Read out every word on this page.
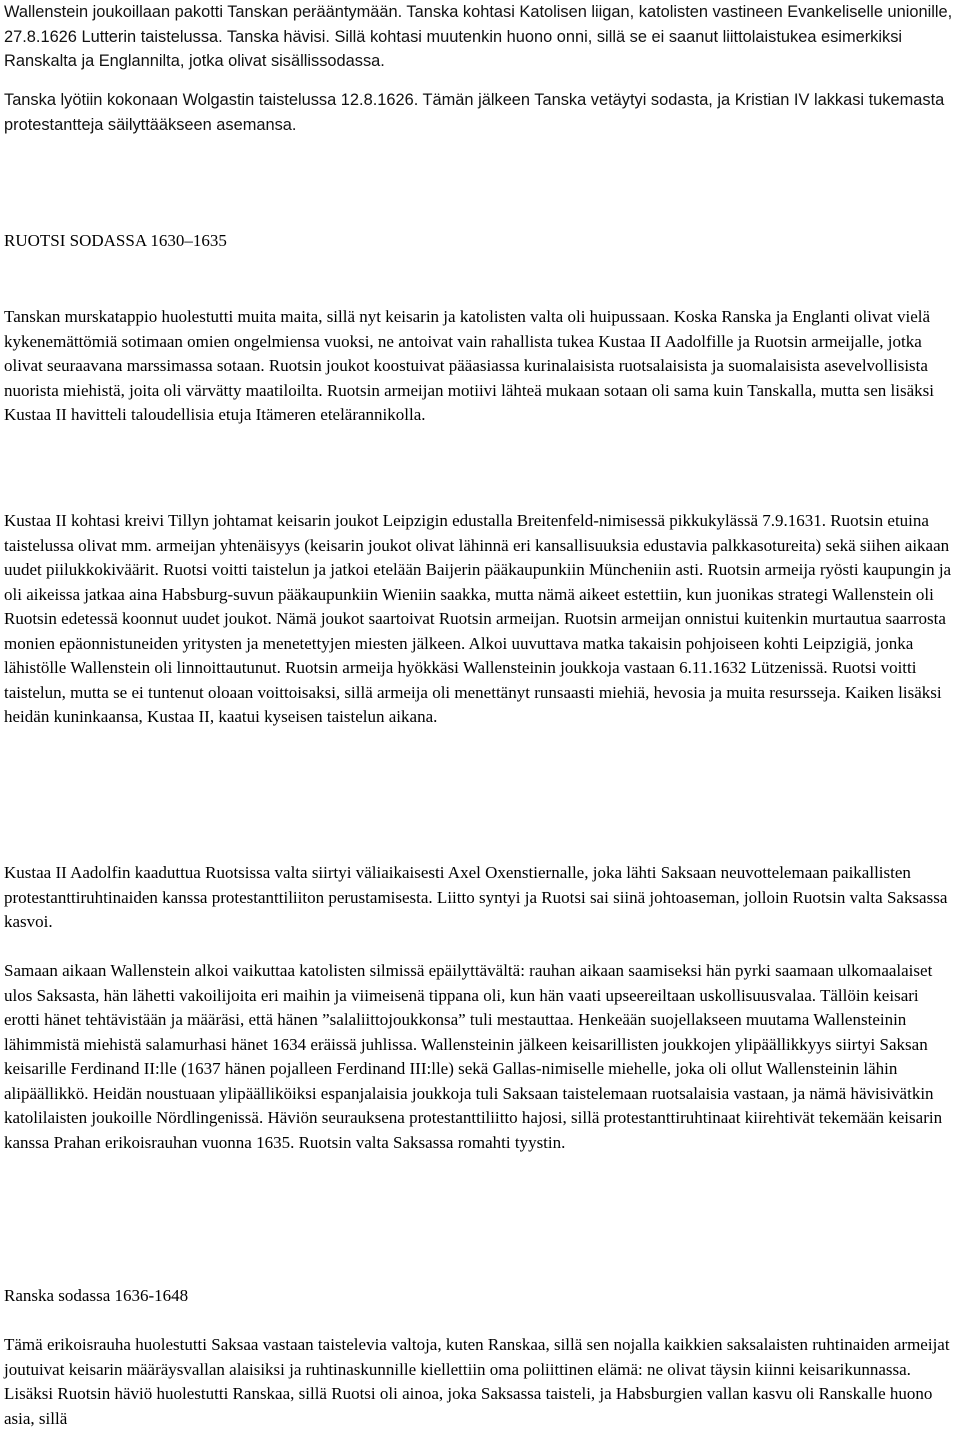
Wallenstein joukoillaan pakotti Tanskan perääntymään. Tanska kohtasi Katolisen liigan, katolisten vastineen Evankeliselle unionille, 27.8.1626 Lutterin taistelussa. Tanska hävisi. Sillä kohtasi muutenkin huono onni, sillä se ei saanut liittolaistukea esimerkiksi Ranskalta ja Englannilta, jotka olivat sisällissodassa.

Tanska lyötiin kokonaan Wolgastin taistelussa 12.8.1626. Tämän jälkeen Tanska vetäytyi sodasta, ja Kristian IV lakkasi tukemasta protestantteja säilyttääkseen asemansa.

RUOTSI SODASSA 1630–1635

Tanskan murskatappio huolestutti muita maita, sillä nyt keisarin ja katolisten valta oli huipussaan. Koska Ranska ja Englanti olivat vielä kykenemättömiä sotimaan omien ongelmiensa vuoksi, ne antoivat vain rahallista tukea Kustaa II Aadolfille ja Ruotsin armeijalle, jotka olivat seuraavana marssimassa sotaan. Ruotsin joukot koostuivat pääasiassa kurinalaisista ruotsalaisista ja suomalaisista asevelvollisista nuorista miehistä, joita oli värvätty maatiloilta. Ruotsin armeijan motiivi lähteä mukaan sotaan oli sama kuin Tanskalla, mutta sen lisäksi Kustaa II havitteli taloudellisia etuja Itämeren etelärannikolla.

Kustaa II kohtasi kreivi Tillyn johtamat keisarin joukot Leipzigin edustalla Breitenfeld-nimisessä pikkukylässä 7.9.1631. Ruotsin etuina taistelussa olivat mm. armeijan yhtenäisyys (keisarin joukot olivat lähinnä eri kansallisuuksia edustavia palkkasotureita) sekä siihen aikaan uudet piilukkokiväärit. Ruotsi voitti taistelun ja jatkoi etelään Baijerin pääkaupunkiin Müncheniin asti. Ruotsin armeija ryösti kaupungin ja oli aikeissa jatkaa aina Habsburg-suvun pääkaupunkiin Wieniin saakka, mutta nämä aikeet estettiin, kun juonikas strategi Wallenstein oli Ruotsin edetessä koonnut uudet joukot. Nämä joukot saartoivat Ruotsin armeijan. Ruotsin armeijan onnistui kuitenkin murtautua saarrosta monien epäonnistuneiden yritysten ja menetettyjen miesten jälkeen. Alkoi uuvuttava matka takaisin pohjoiseen kohti Leipzigiä, jonka lähistölle Wallenstein oli linnoittautunut. Ruotsin armeija hyökkäsi Wallensteinin joukkoja vastaan 6.11.1632 Lützenissä. Ruotsi voitti taistelun, mutta se ei tuntenut oloaan voittoisaksi, sillä armeija oli menettänyt runsaasti miehiä, hevosia ja muita resursseja. Kaiken lisäksi heidän kuninkaansa, Kustaa II, kaatui kyseisen taistelun aikana.

Kustaa II Aadolfin kaaduttua Ruotsissa valta siirtyi väliaikaisesti Axel Oxenstiernalle, joka lähti Saksaan neuvottelemaan paikallisten protestanttiruhtinaiden kanssa protestanttiliiton perustamisesta. Liitto syntyi ja Ruotsi sai siinä johtoaseman, jolloin Ruotsin valta Saksassa kasvoi.

Samaan aikaan Wallenstein alkoi vaikuttaa katolisten silmissä epäilyttävältä: rauhan aikaan saamiseksi hän pyrki saamaan ulkomaalaiset ulos Saksasta, hän lähetti vakoilijoita eri maihin ja viimeisenä tippana oli, kun hän vaati upseereiltaan uskollisuusvalaa. Tällöin keisari erotti hänet tehtävistään ja määräsi, että hänen ”salaliittojoukkonsa” tuli mestauttaa. Henkeään suojellakseen muutama Wallensteinin lähimmistä miehistä salamurhasi hänet 1634 eräissä juhlissa. Wallensteinin jälkeen keisarillisten joukkojen ylipäällikkyys siirtyi Saksan keisarille Ferdinand II:lle (1637 hänen pojalleen Ferdinand III:lle) sekä Gallas-nimiselle miehelle, joka oli ollut Wallensteinin lähin alipäällikkö. Heidän noustuaan ylipäälliköiksi espanjalaisia joukkoja tuli Saksaan taistelemaan ruotsalaisia vastaan, ja nämä hävisivätkin katolilaisten joukoille Nördlingenissä. Häviön seurauksena protestanttiliitto hajosi, sillä protestanttiruhtinaat kiirehtivät tekemään keisarin kanssa Prahan erikoisrauhan vuonna 1635. Ruotsin valta Saksassa romahti tyystin.

Ranska sodassa 1636-1648

Tämä erikoisrauha huolestutti Saksaa vastaan taistelevia valtoja, kuten Ranskaa, sillä sen nojalla kaikkien saksalaisten ruhtinaiden armeijat joutuivat keisarin määräysvallan alaisiksi ja ruhtinaskunnille kiellettiin oma poliittinen elämä: ne olivat täysin kiinni keisarikunnassa. Lisäksi Ruotsin häviö huolestutti Ranskaa, sillä Ruotsi oli ainoa, joka Saksassa taisteli, ja Habsburgien vallan kasvu oli Ranskalle huono asia, sillä
